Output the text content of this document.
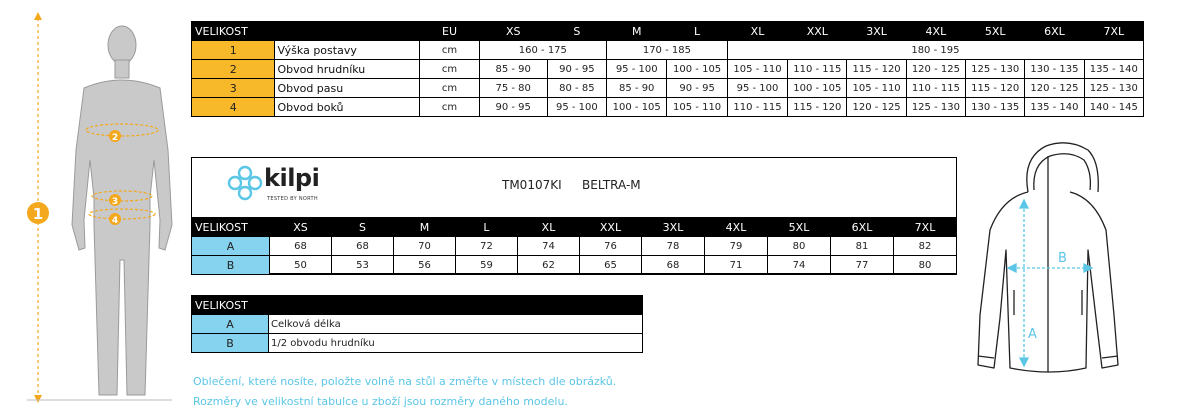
1
2
3
4
VELIKOST		EU	XS	S	M	L	XL	XXL	3XL	4XL	5XL	6XL	7XL
1	Výška postavy	cm	160 - 175		170 - 185		180 - 195						
2	Obvod hrudníku	cm	85 - 90	90 - 95	95 - 100	100 - 105	105 - 110	110 - 115	115 - 120	120 - 125	125 - 130	130 - 135	135 - 140
3	Obvod pasu	cm	75 - 80	80 - 85	85 - 90	90 - 95	95 - 100	100 - 105	105 - 110	110 - 115	115 - 120	120 - 125	125 - 130
4	Obvod boků	cm	90 - 95	95 - 100	100 - 105	105 - 110	110 - 115	115 - 120	120 - 125	125 - 130	130 - 135	135 - 140	140 - 145
kilpi
TESTED BY NORTH
TM0107KI BELTRA-M
VELIKOST	XS	S	M	L	XL	XXL	3XL	4XL	5XL	6XL	7XL
A	68	68	70	72	74	76	78	79	80	81	82
B	50	53	56	59	62	65	68	71	74	77	80
VELIKOST	
A	Celková délka
B	1/2 obvodu hrudníku
Oblečení, které nosíte, položte volně na stůl a změřte v místech dle obrázků.
Rozměry ve velikostní tabulce u zboží jsou rozměry daného modelu.
A
B
